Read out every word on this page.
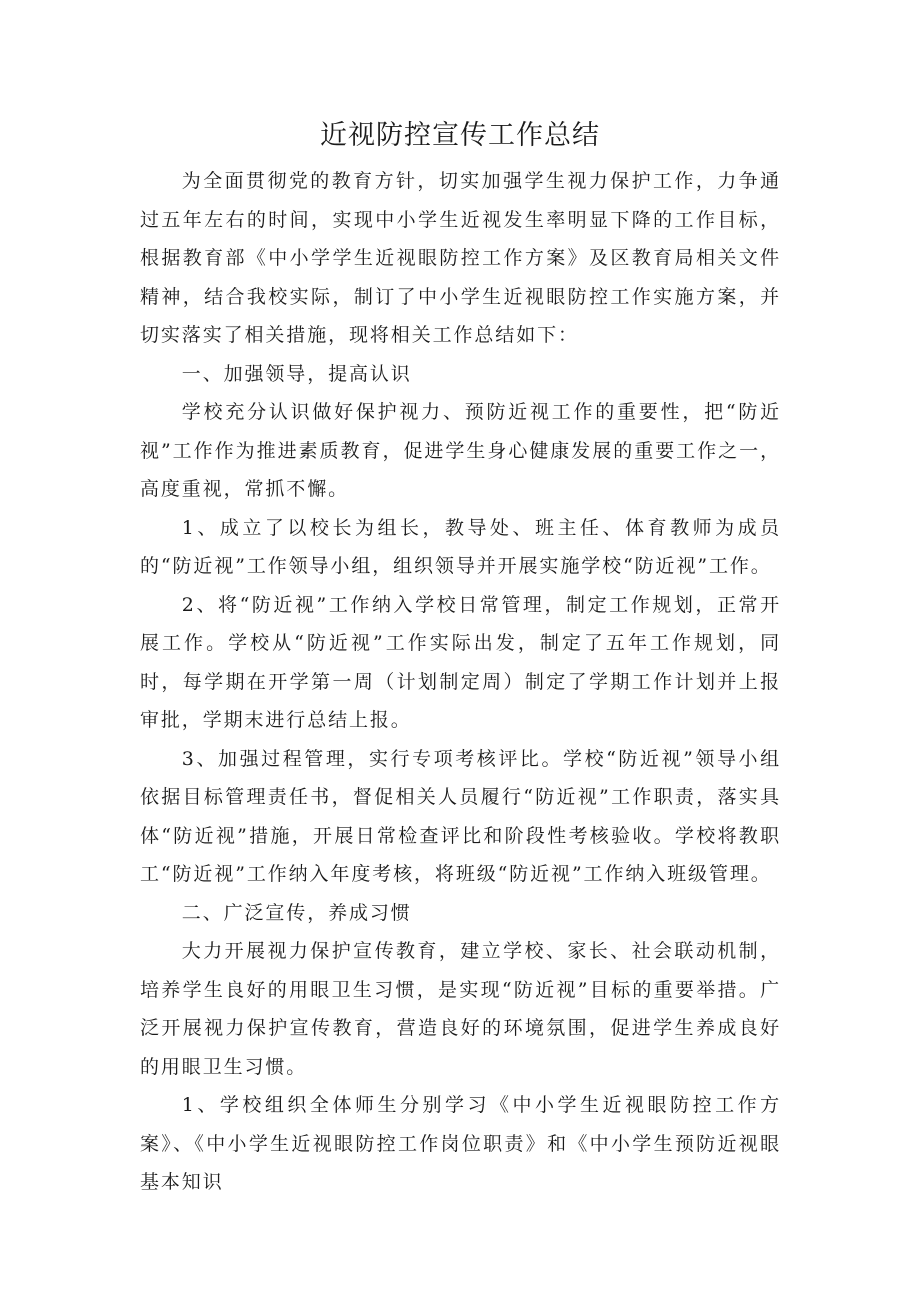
近视防控宣传工作总结

为全面贯彻党的教育方针，切实加强学生视力保护工作，力争通过五年左右的时间，实现中小学生近视发生率明显下降的工作目标，根据教育部《中小学学生近视眼防控工作方案》及区教育局相关文件精神，结合我校实际，制订了中小学生近视眼防控工作实施方案，并切实落实了相关措施，现将相关工作总结如下：

一、加强领导，提高认识

学校充分认识做好保护视力、预防近视工作的重要性，把“防近视”工作作为推进素质教育，促进学生身心健康发展的重要工作之一，高度重视，常抓不懈。

1、成立了以校长为组长，教导处、班主任、体育教师为成员的“防近视”工作领导小组，组织领导并开展实施学校“防近视”工作。

2、将“防近视”工作纳入学校日常管理，制定工作规划，正常开展工作。学校从“防近视”工作实际出发，制定了五年工作规划，同时，每学期在开学第一周（计划制定周）制定了学期工作计划并上报审批，学期末进行总结上报。

3、加强过程管理，实行专项考核评比。学校“防近视”领导小组依据目标管理责任书，督促相关人员履行“防近视”工作职责，落实具体“防近视”措施，开展日常检查评比和阶段性考核验收。学校将教职工“防近视”工作纳入年度考核，将班级“防近视”工作纳入班级管理。

二、广泛宣传，养成习惯

大力开展视力保护宣传教育，建立学校、家长、社会联动机制，培养学生良好的用眼卫生习惯，是实现“防近视”目标的重要举措。广泛开展视力保护宣传教育，营造良好的环境氛围，促进学生养成良好的用眼卫生习惯。

1、学校组织全体师生分别学习《中小学生近视眼防控工作方案》、《中小学生近视眼防控工作岗位职责》和《中小学生预防近视眼基本知识
